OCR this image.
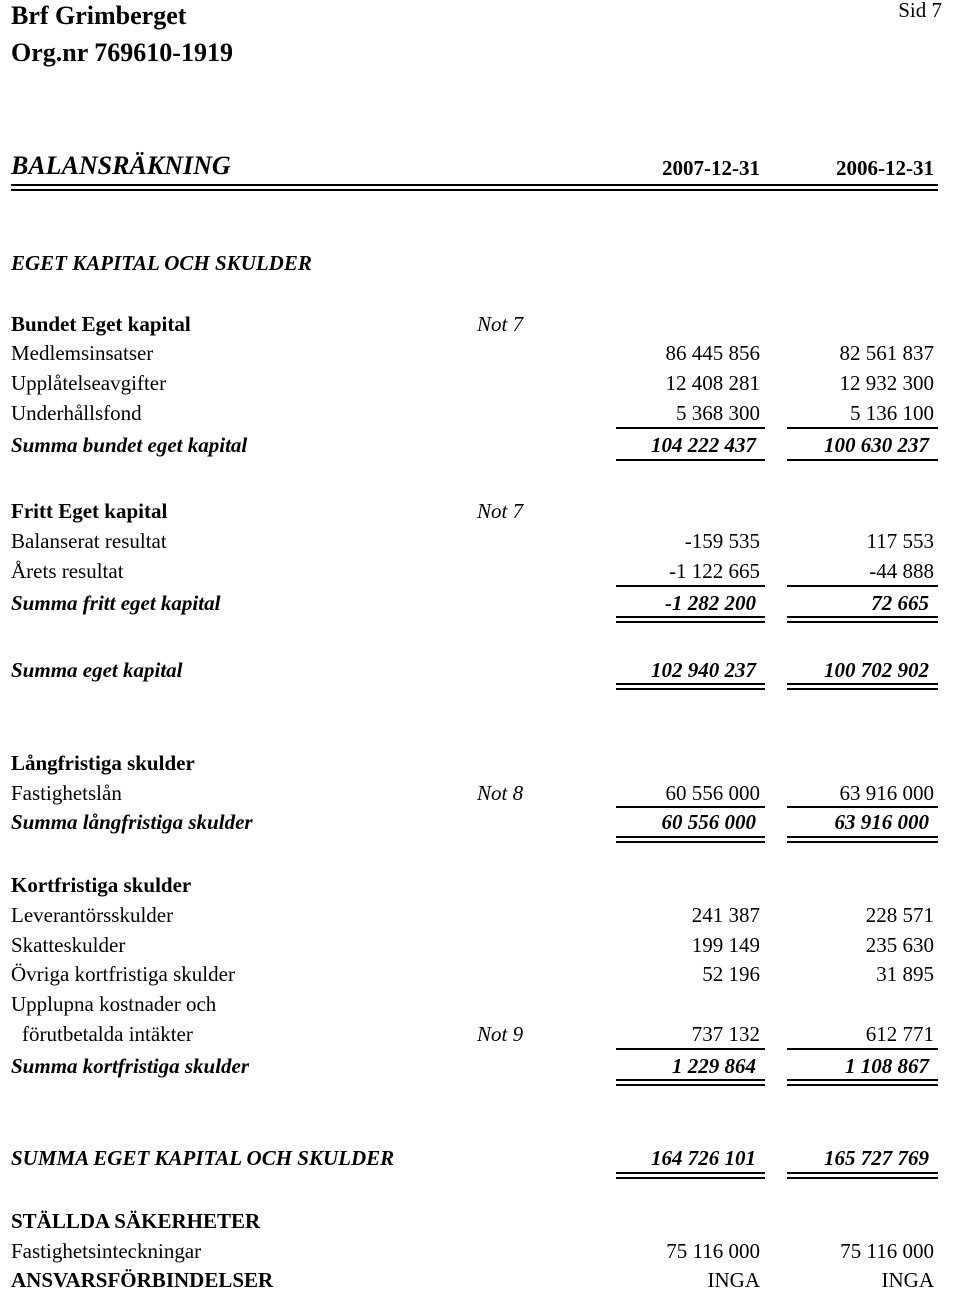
Brf Grimberget
Org.nr 769610-1919
Sid 7
BALANSRÄKNING	2007-12-31	2006-12-31
EGET KAPITAL OCH SKULDER
Bundet Eget kapital	Not 7
Medlemsinsatser	86 445 856	82 561 837
Upplåtelseavgifter	12 408 281	12 932 300
Underhållsfond	5 368 300	5 136 100
Summa bundet eget kapital	104 222 437	100 630 237
Fritt Eget kapital	Not 7
Balanserat resultat	-159 535	117 553
Årets resultat	-1 122 665	-44 888
Summa fritt eget kapital	-1 282 200	72 665
Summa eget kapital	102 940 237	100 702 902
Långfristiga skulder
Fastighetslån	Not 8	60 556 000	63 916 000
Summa långfristiga skulder	60 556 000	63 916 000
Kortfristiga skulder
Leverantörsskulder	241 387	228 571
Skatteskulder	199 149	235 630
Övriga kortfristiga skulder	52 196	31 895
Upplupna kostnader och
förutbetalda intäkter	Not 9	737 132	612 771
Summa kortfristiga skulder	1 229 864	1 108 867
SUMMA EGET KAPITAL OCH SKULDER	164 726 101	165 727 769
STÄLLDA SÄKERHETER
Fastighetsinteckningar	75 116 000	75 116 000
ANSVARSFÖRBINDELSER	INGA	INGA
